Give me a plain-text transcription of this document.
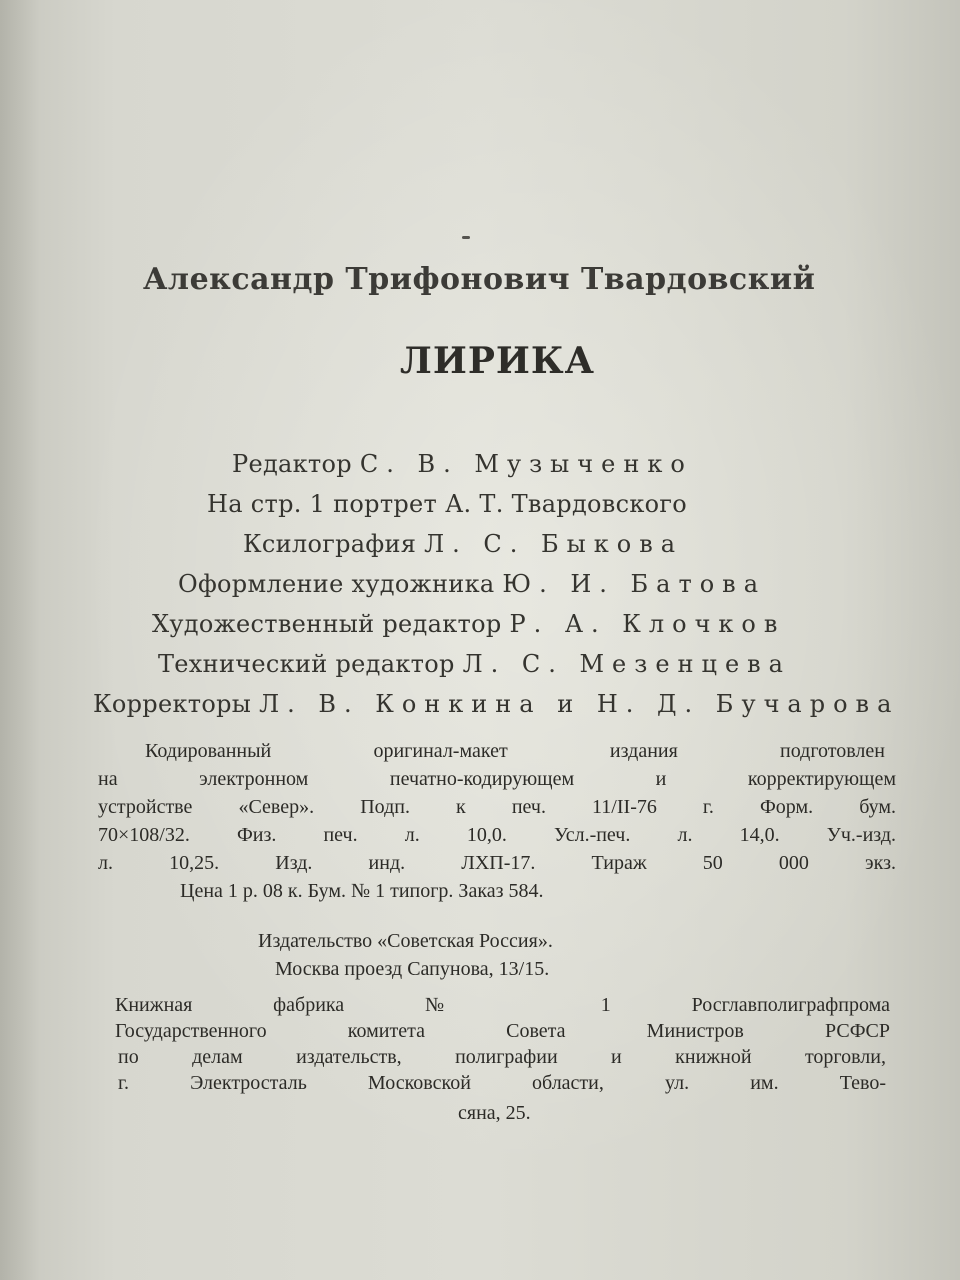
Александр Трифонович Твардовский

ЛИРИКА

Редактор С. В. Музыченко

На стр. 1 портрет А. Т. Твардовского

Ксилография Л. С. Быкова

Оформление художника Ю. И. Батова

Художественный редактор Р. А. Клочков

Технический редактор Л. С. Мезенцева

Корректоры Л. В. Конкина и Н. Д. Бучарова

Кодированный оригинал-макет издания подготовлен

на электронном печатно-кодирующем и корректирующем

устройстве «Север». Подп. к печ. 11/II-76 г. Форм. бум.

70×108/32. Физ. печ. л. 10,0. Усл.-печ. л. 14,0. Уч.-изд.

л. 10,25. Изд. инд. ЛХП-17. Тираж 50 000 экз.

Цена 1 р. 08 к. Бум. № 1 типогр. Заказ 584.

Издательство «Советская Россия».

Москва проезд Сапунова, 13/15.

Книжная фабрика № 1 Росглавполиграфпрома

Государственного комитета Совета Министров РСФСР

по делам издательств, полиграфии и книжной торговли,

г. Электросталь Московской области, ул. им. Тево-

сяна, 25.
